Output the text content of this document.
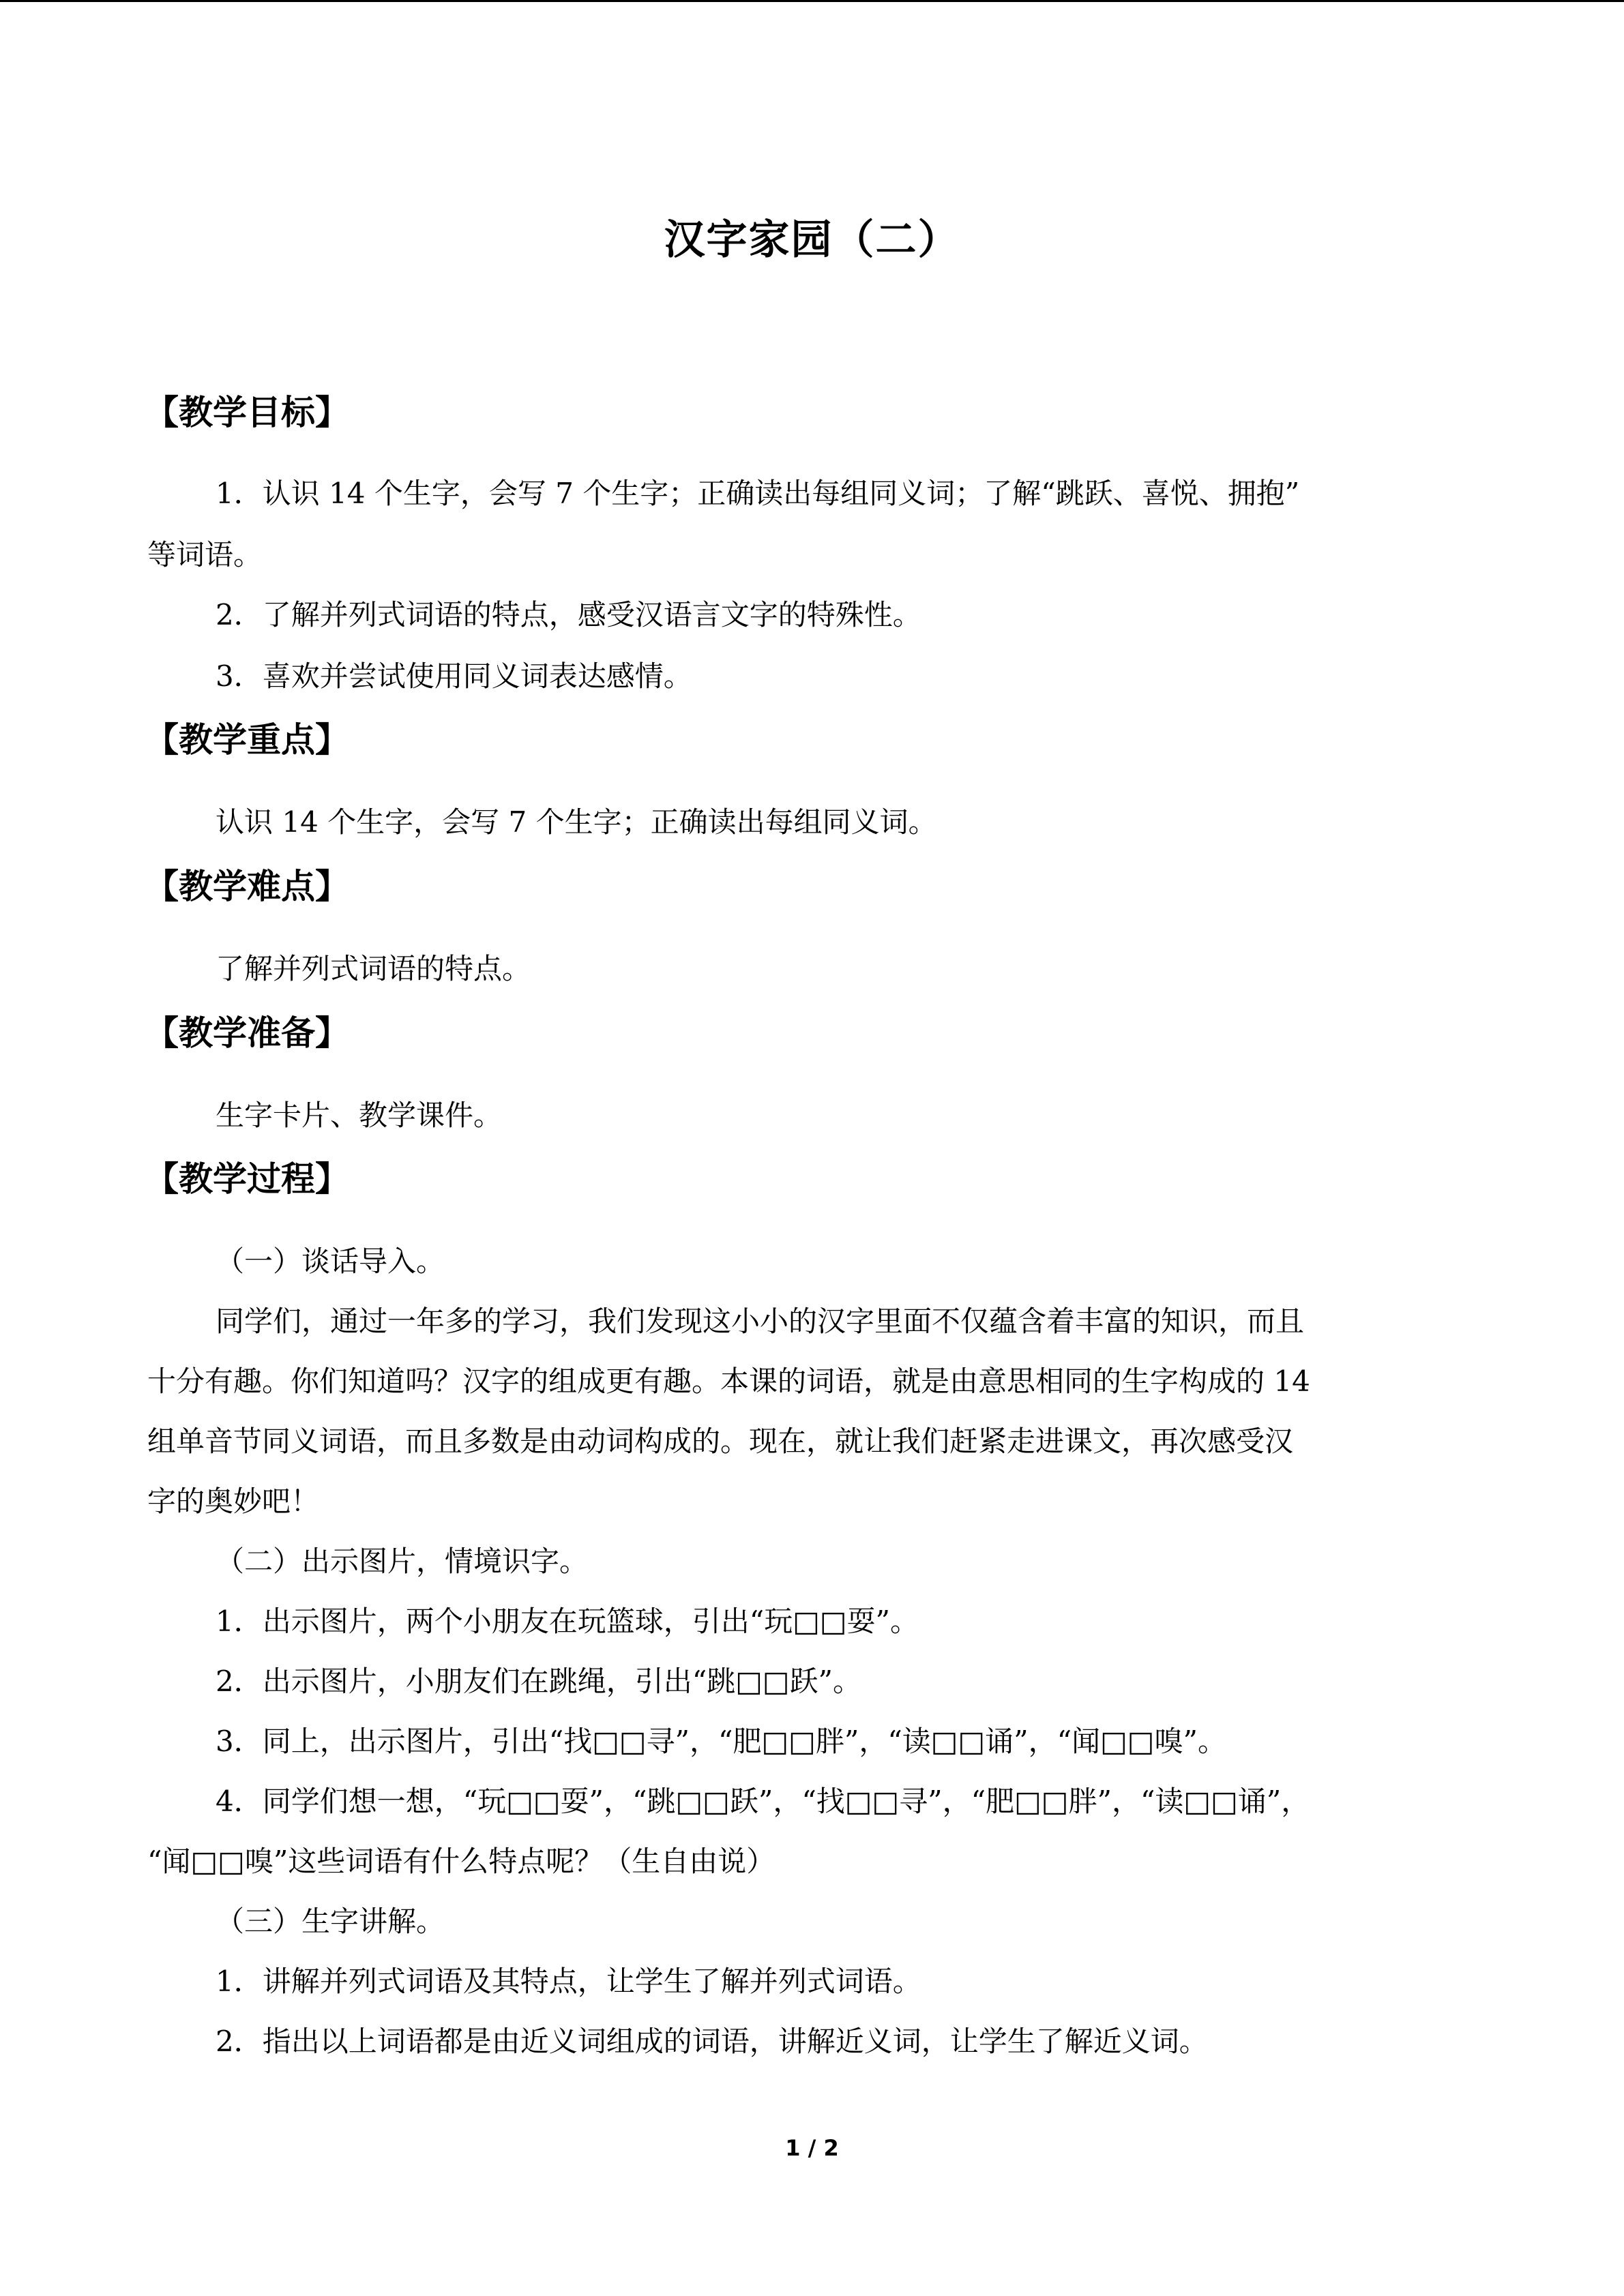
汉字家园（二）
【教学目标】
1．认识 14 个生字，会写 7 个生字；正确读出每组同义词；了解“跳跃、喜悦、拥抱”
等词语。
2．了解并列式词语的特点，感受汉语言文字的特殊性。
3．喜欢并尝试使用同义词表达感情。
【教学重点】
认识 14 个生字，会写 7 个生字；正确读出每组同义词。
【教学难点】
了解并列式词语的特点。
【教学准备】
生字卡片、教学课件。
【教学过程】
（一）谈话导入。
同学们，通过一年多的学习，我们发现这小小的汉字里面不仅蕴含着丰富的知识，而且
十分有趣。你们知道吗？汉字的组成更有趣。本课的词语，就是由意思相同的生字构成的 14
组单音节同义词语，而且多数是由动词构成的。现在，就让我们赶紧走进课文，再次感受汉
字的奥妙吧！
（二）出示图片，情境识字。
1．出示图片，两个小朋友在玩篮球，引出“玩□□耍”。
2．出示图片，小朋友们在跳绳，引出“跳□□跃”。
3．同上，出示图片，引出“找□□寻”，“肥□□胖”，“读□□诵”，“闻□□嗅”。
4．同学们想一想，“玩□□耍”，“跳□□跃”，“找□□寻”，“肥□□胖”，“读□□诵”，
“闻□□嗅”这些词语有什么特点呢？（生自由说）
（三）生字讲解。
1．讲解并列式词语及其特点，让学生了解并列式词语。
2．指出以上词语都是由近义词组成的词语，讲解近义词，让学生了解近义词。
1 / 2
